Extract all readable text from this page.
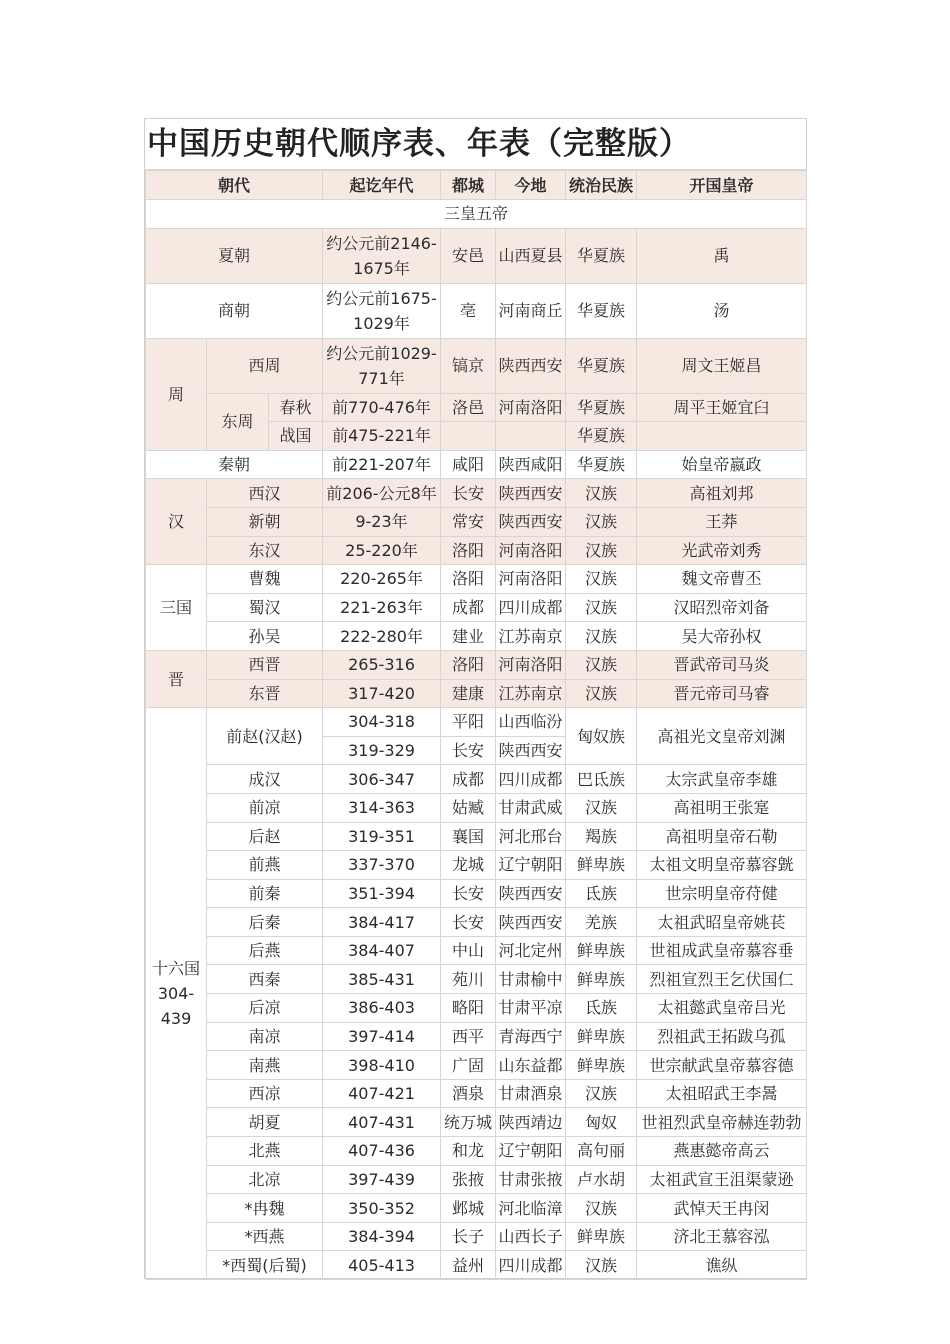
中国历史朝代顺序表、年表（完整版）
朝代			起讫年代	都城	今地	统治民族	开国皇帝
三皇五帝							
夏朝			约公元前2146-1675年	安邑	山西夏县	华夏族	禹
商朝			约公元前1675-1029年	亳	河南商丘	华夏族	汤
周	西周		约公元前1029-771年	镐京	陕西西安	华夏族	周文王姬昌
	东周	春秋	前770-476年	洛邑	河南洛阳	华夏族	周平王姬宜臼
		战国	前475-221年			华夏族	
秦朝			前221-207年	咸阳	陕西咸阳	华夏族	始皇帝嬴政
汉	西汉		前206-公元8年	长安	陕西西安	汉族	高祖刘邦
	新朝		9-23年	常安	陕西西安	汉族	王莽
	东汉		25-220年	洛阳	河南洛阳	汉族	光武帝刘秀
三国	曹魏		220-265年	洛阳	河南洛阳	汉族	魏文帝曹丕
	蜀汉		221-263年	成都	四川成都	汉族	汉昭烈帝刘备
	孙吴		222-280年	建业	江苏南京	汉族	吴大帝孙权
晋	西晋		265-316	洛阳	河南洛阳	汉族	晋武帝司马炎
	东晋		317-420	建康	江苏南京	汉族	晋元帝司马睿
十六国304-439	前赵(汉赵)		304-318	平阳	山西临汾	匈奴族	高祖光文皇帝刘渊
			319-329	长安	陕西西安		
	成汉		306-347	成都	四川成都	巴氐族	太宗武皇帝李雄
	前凉		314-363	姑臧	甘肃武威	汉族	高祖明王张寔
	后赵		319-351	襄国	河北邢台	羯族	高祖明皇帝石勒
	前燕		337-370	龙城	辽宁朝阳	鲜卑族	太祖文明皇帝慕容皝
	前秦		351-394	长安	陕西西安	氐族	世宗明皇帝苻健
	后秦		384-417	长安	陕西西安	羌族	太祖武昭皇帝姚苌
	后燕		384-407	中山	河北定州	鲜卑族	世祖成武皇帝慕容垂
	西秦		385-431	苑川	甘肃榆中	鲜卑族	烈祖宣烈王乞伏国仁
	后凉		386-403	略阳	甘肃平凉	氐族	太祖懿武皇帝吕光
	南凉		397-414	西平	青海西宁	鲜卑族	烈祖武王拓跋乌孤
	南燕		398-410	广固	山东益都	鲜卑族	世宗献武皇帝慕容德
	西凉		407-421	酒泉	甘肃酒泉	汉族	太祖昭武王李暠
	胡夏		407-431	统万城	陕西靖边	匈奴	世祖烈武皇帝赫连勃勃
	北燕		407-436	和龙	辽宁朝阳	高句丽	燕惠懿帝高云
	北凉		397-439	张掖	甘肃张掖	卢水胡	太祖武宣王沮渠蒙逊
	*冉魏		350-352	邺城	河北临漳	汉族	武悼天王冉闵
	*西燕		384-394	长子	山西长子	鲜卑族	济北王慕容泓
	*西蜀(后蜀)		405-413	益州	四川成都	汉族	谯纵
